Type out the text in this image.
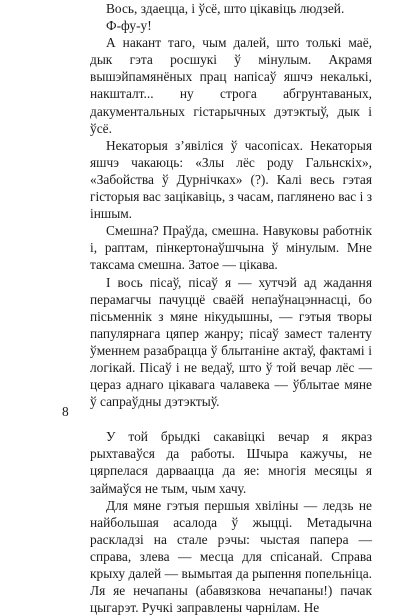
Вось, здаецца, і ўсё, што цікавіць людзей.

Ф-фу-у!

А накант таго, чым далей, што толькі маё, дык гэта росшукі ў мінулым. Акрамя вышэйпамянёных прац напісаў яшчэ некалькі, накшталт... ну строга абгрунтаваных, дакументальных гістарычных дэтэктыў, дык і ўсё.

Некаторыя з’явіліся ў часопісах. Некаторыя яшчэ чакаюць: «Злы лёс роду Гальнскіх», «Забойства ў Дурнічках» (?). Калі весь гэтая гісторыя вас зацікавіць, з часам, паглянено вас і з іншым.

Смешна? Праўда, смешна. Навуковы работнік і, раптам, пінкертонаўшчына ў мінулым. Мне таксама смешна. Затое — цікава.

І вось пісаў, пісаў я — хутчэй ад жадання перамагчы пачуццё сваёй непаўнацэннасці, бо пісьменнік з мяне нікудышны, — гэтыя творы папулярнага цяпер жанру; пісаў замест таленту ўменнем разабрацца ў блытаніне актаў, фактамі і логікай. Пісаў і не ведаў, што ў той вечар лёс — цераз аднаго цікавага чалавека — ўблытае мяне ў сапраўдны дэтэктыў.

У той брыдкі сакавіцкі вечар я якраз рыхтаваўся да работы. Шчыра кажучы, не цярпелася дарваацца да яе: многія месяцы я займаўся не тым, чым хачу.

Для мяне гэтыя першыя хвіліны — ледзь не найбольшая асалода ў жыцці. Метадычна раскладзі на стале рэчы: чыстая папера — справа, злева — месца для спісанай. Справа крыху далей — вымытая да рыпення попельніца. Ля яе нечапаны (абавязкова нечапаны!) пачак цыгарэт. Ручкі заправлены чарнілам. Не

8
